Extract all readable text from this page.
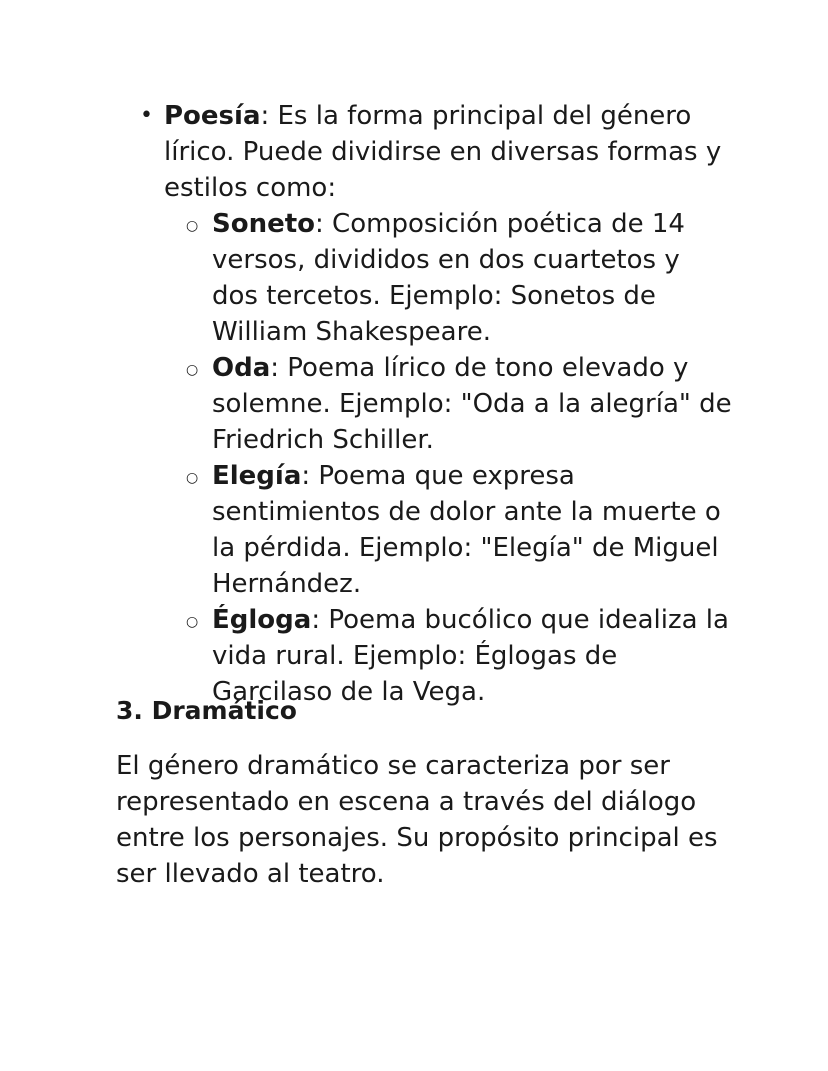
• Poesía: Es la forma principal del género lírico. Puede dividirse en diversas formas y estilos como:
○ Soneto: Composición poética de 14 versos, divididos en dos cuartetos y dos tercetos. Ejemplo: Sonetos de William Shakespeare.
○ Oda: Poema lírico de tono elevado y solemne. Ejemplo: "Oda a la alegría" de Friedrich Schiller.
○ Elegía: Poema que expresa sentimientos de dolor ante la muerte o la pérdida. Ejemplo: "Elegía" de Miguel Hernández.
○ Égloga: Poema bucólico que idealiza la vida rural. Ejemplo: Églogas de Garcilaso de la Vega.
3. Dramático

El género dramático se caracteriza por ser representado en escena a través del diálogo entre los personajes. Su propósito principal es ser llevado al teatro.
